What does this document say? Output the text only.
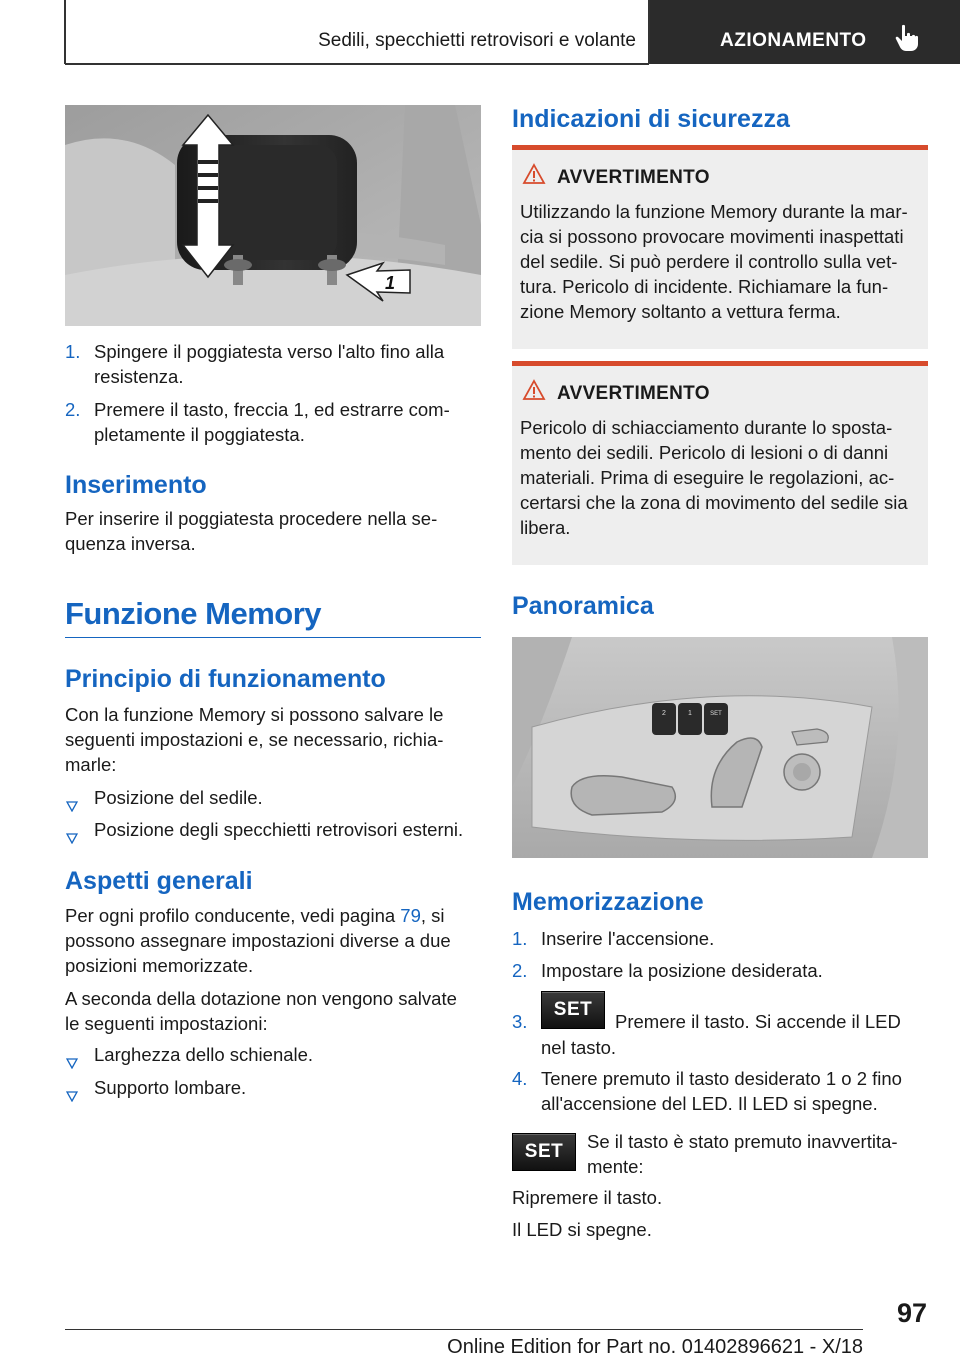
Sedili, specchietti retrovisori e volante	AZIONAMENTO
1
1. Spingere il poggiatesta verso l'alto fino alla resistenza.
2. Premere il tasto, freccia 1, ed estrarre com-pletamente il poggiatesta.
Inserimento

Per inserire il poggiatesta procedere nella se-quenza inversa.

Funzione Memory
Principio di funzionamento

Con la funzione Memory si possono salvare le seguenti impostazioni e, se necessario, richia-marle:

Posizione del sedile.
Posizione degli specchietti retrovisori esterni.
Aspetti generali

Per ogni profilo conducente, vedi pagina 79, si possono assegnare impostazioni diverse a due posizioni memorizzate.

A seconda della dotazione non vengono salvate le seguenti impostazioni:

Larghezza dello schienale.
Supporto lombare.
Indicazioni di sicurezza
AVVERTIMENTO

Utilizzando la funzione Memory durante la mar-cia si possono provocare movimenti inaspettati del sedile. Si può perdere il controllo sulla vet-tura. Pericolo di incidente. Richiamare la fun-zione Memory soltanto a vettura ferma.

AVVERTIMENTO

Pericolo di schiacciamento durante lo sposta-mento dei sedili. Pericolo di lesioni o di danni materiali. Prima di eseguire le regolazioni, ac-certarsi che la zona di movimento del sedile sia libera.

Panoramica
2	1	SET
Memorizzazione
1. Inserire l'accensione.
2. Impostare la posizione desiderata.
3.
SET
Premere il tasto. Si accende il LED
nel tasto.
4. Tenere premuto il tasto desiderato 1 o 2 fino all'accensione del LED. Il LED si spegne.
SET	Se il tasto è stato premuto inavvertita-mente:

Ripremere il tasto.

Il LED si spegne.

97
Online Edition for Part no. 01402896621 - X/18
